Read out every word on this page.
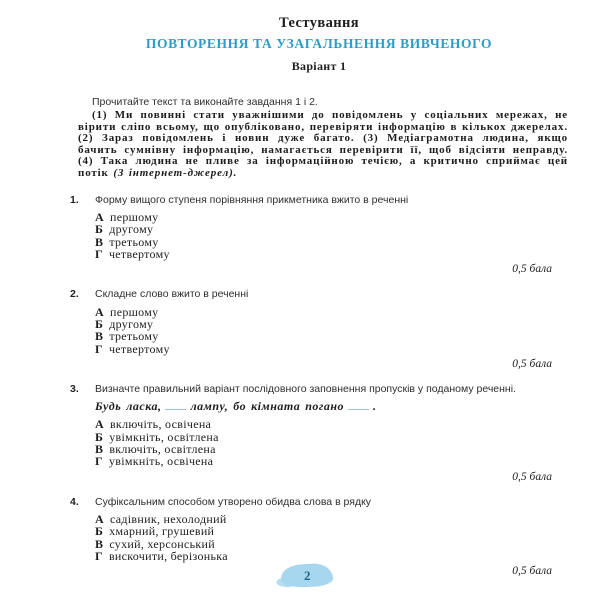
Тестування
ПОВТОРЕННЯ ТА УЗАГАЛЬНЕННЯ ВИВЧЕНОГО
Варіант 1
Прочитайте текст та виконайте завдання 1 і 2.
(1) Ми повинні стати уважнішими до повідомлень у соціальних мережах, не вірити сліпо всьому, що опубліковано, перевіряти інформацію в кількох джерелах. (2) Зараз повідомлень і новин дуже багато. (3) Медіаграмотна людина, якщо бачить сумнівну інформацію, намагається перевірити її, щоб відсіяти неправду. (4) Така людина не пливе за інформаційною течією, а критично сприймає цей потік (З інтернет-джерел).
1.	Форму вищого ступеня порівняння прикметника вжито в реченні
А першому
Б другому
В третьому
Г четвертому
0,5 бала
2.	Складне слово вжито в реченні
А першому
Б другому
В третьому
Г четвертому
0,5 бала
3.	Визначте правильний варіант послідовного заповнення пропусків у поданому реченні.
Будь ласка, лампу, бо кімната погано .
А включіть, освічена
Б увімкніть, освітлена
В включіть, освітлена
Г увімкніть, освічена
0,5 бала
4.	Суфіксальним способом утворено обидва слова в рядку
А садівник, нехолодний
Б хмарний, грушевий
В сухий, херсонський
Г вискочити, берізонька
0,5 бала
2
